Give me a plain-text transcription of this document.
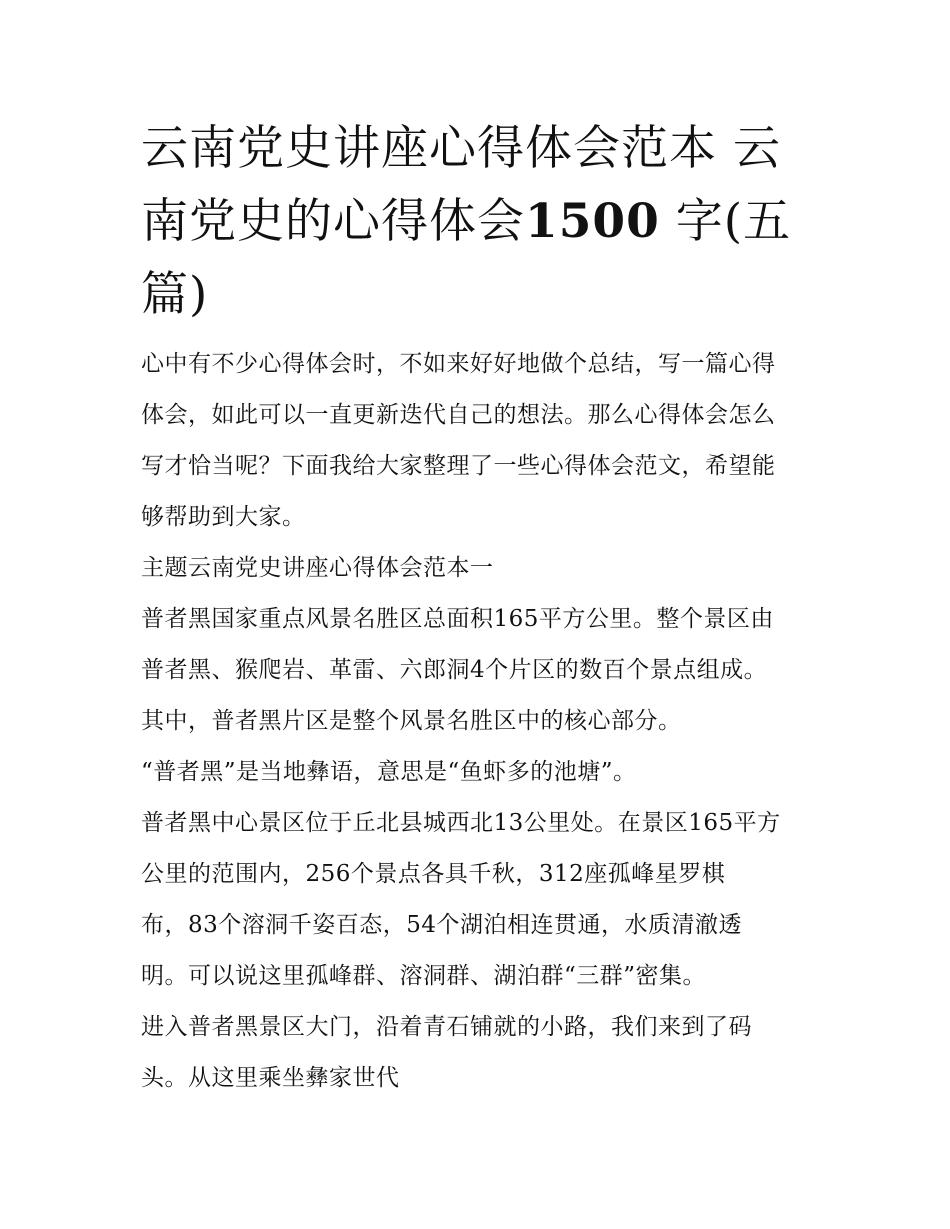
云南党史讲座心得体会范本 云南党史的心得体会1500 字(五篇)

心中有不少心得体会时，不如来好好地做个总结，写一篇心得

体会，如此可以一直更新迭代自己的想法。那么心得体会怎么

写才恰当呢？下面我给大家整理了一些心得体会范文，希望能

够帮助到大家。

主题云南党史讲座心得体会范本一

普者黑国家重点风景名胜区总面积165平方公里。整个景区由

普者黑、猴爬岩、革雷、六郎洞4个片区的数百个景点组成。

其中，普者黑片区是整个风景名胜区中的核心部分。

“普者黑”是当地彝语，意思是“鱼虾多的池塘”。

普者黑中心景区位于丘北县城西北13公里处。在景区165平方

公里的范围内，256个景点各具千秋，312座孤峰星罗棋

布，83个溶洞千姿百态，54个湖泊相连贯通，水质清澈透

明。可以说这里孤峰群、溶洞群、湖泊群“三群”密集。

进入普者黑景区大门，沿着青石铺就的小路，我们来到了码

头。从这里乘坐彝家世代
